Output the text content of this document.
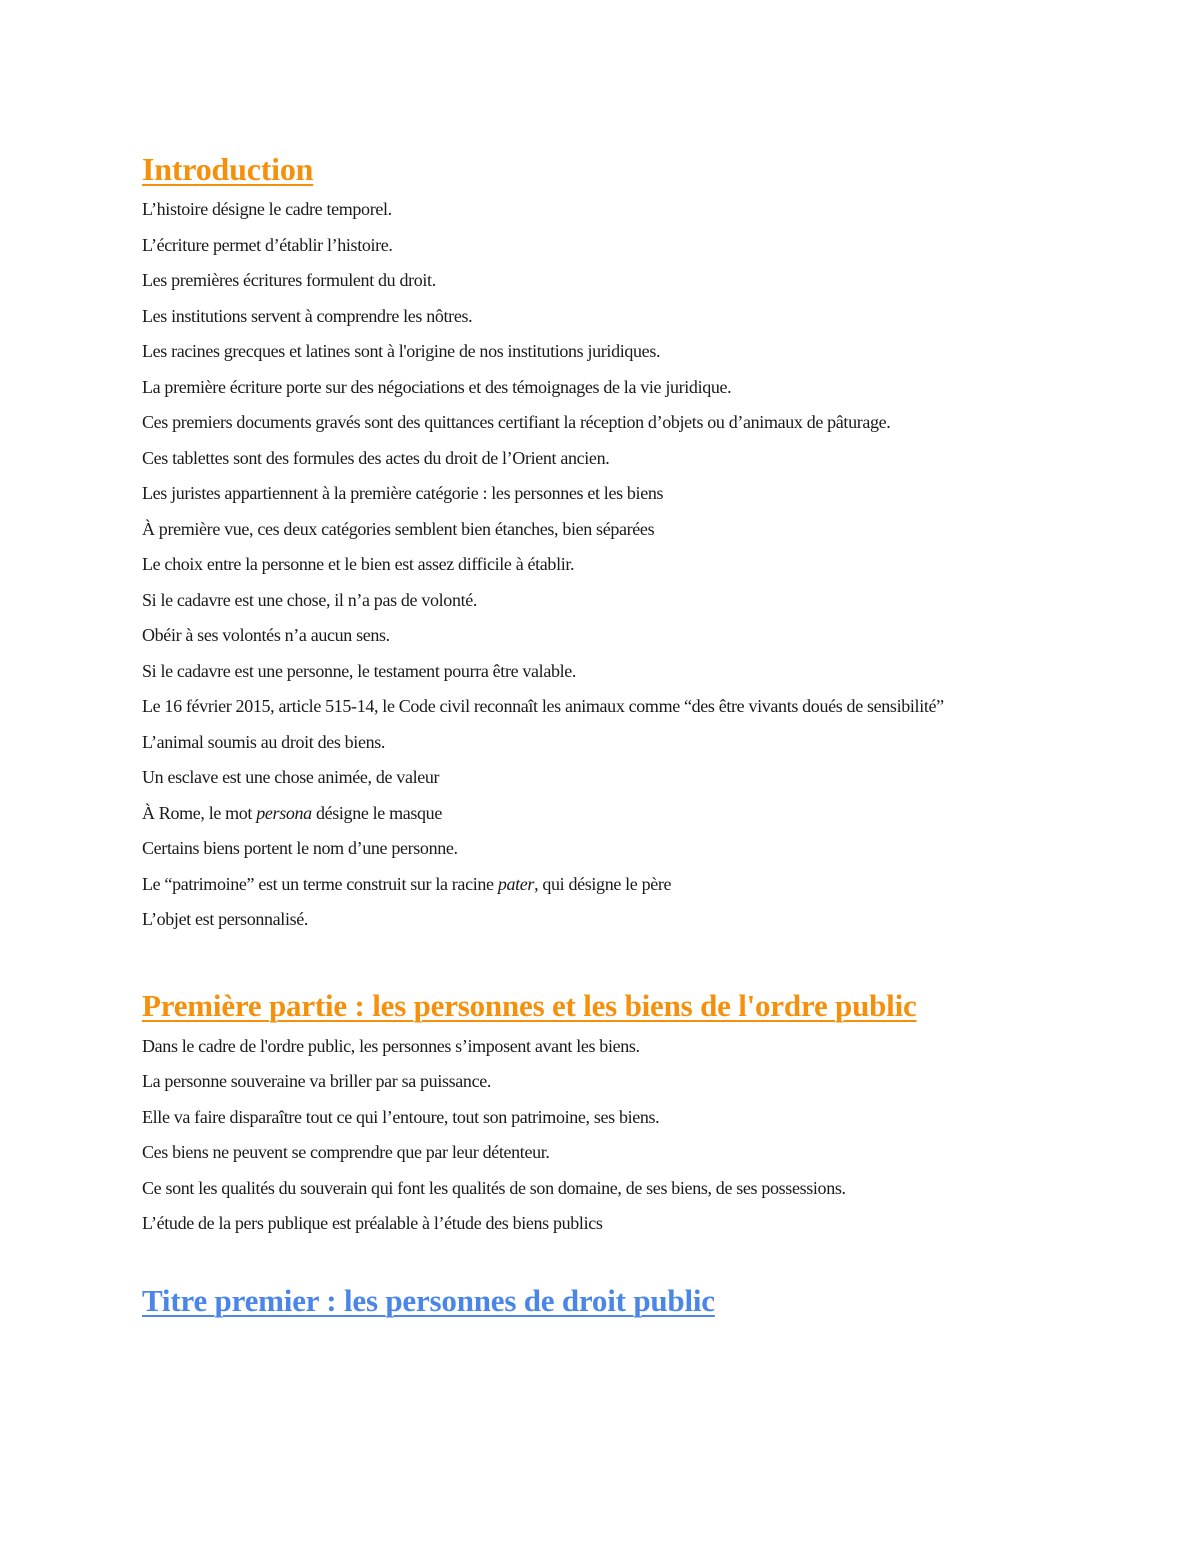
Introduction

L’histoire désigne le cadre temporel.

L’écriture permet d’établir l’histoire.

Les premières écritures formulent du droit.

Les institutions servent à comprendre les nôtres.

Les racines grecques et latines sont à l'origine de nos institutions juridiques.

La première écriture porte sur des négociations et des témoignages de la vie juridique.

Ces premiers documents gravés sont des quittances certifiant la réception d’objets ou d’animaux de pâturage.

Ces tablettes sont des formules des actes du droit de l’Orient ancien.

Les juristes appartiennent à la première catégorie : les personnes et les biens

À première vue, ces deux catégories semblent bien étanches, bien séparées

Le choix entre la personne et le bien est assez difficile à établir.

Si le cadavre est une chose, il n’a pas de volonté.

Obéir à ses volontés n’a aucun sens.

Si le cadavre est une personne, le testament pourra être valable.

Le 16 février 2015, article 515-14, le Code civil reconnaît les animaux comme “des être vivants doués de sensibilité”

L’animal soumis au droit des biens.

Un esclave est une chose animée, de valeur

À Rome, le mot persona désigne le masque

Certains biens portent le nom d’une personne.

Le “patrimoine” est un terme construit sur la racine pater, qui désigne le père

L’objet est personnalisé.

Première partie : les personnes et les biens de l'ordre public

Dans le cadre de l'ordre public, les personnes s’imposent avant les biens.

La personne souveraine va briller par sa puissance.

Elle va faire disparaître tout ce qui l’entoure, tout son patrimoine, ses biens.

Ces biens ne peuvent se comprendre que par leur détenteur.

Ce sont les qualités du souverain qui font les qualités de son domaine, de ses biens, de ses possessions.

L’étude de la pers publique est préalable à l’étude des biens publics

Titre premier : les personnes de droit public
